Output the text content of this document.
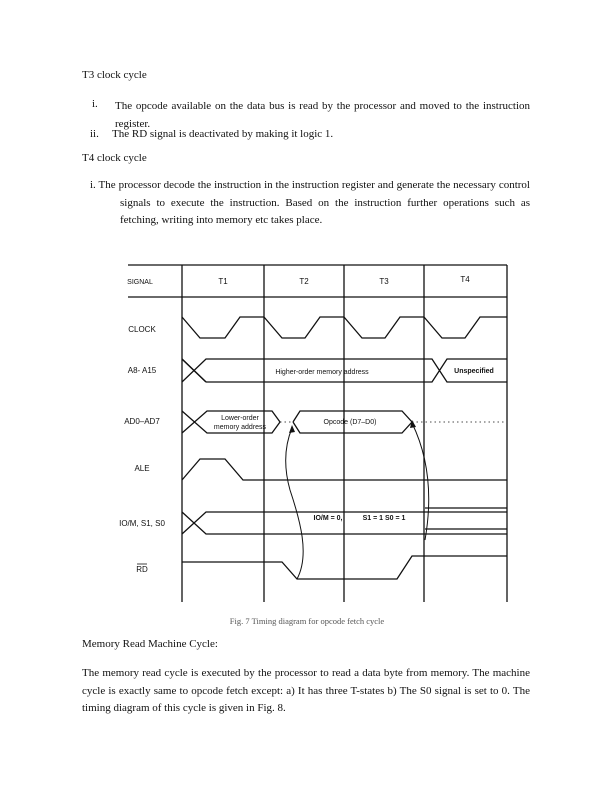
T3 clock cycle
i. The opcode available on the data bus is read by the processor and moved to the instruction register.
ii. The RD signal is deactivated by making it logic 1.
T4 clock cycle
i. The processor decode the instruction in the instruction register and generate the necessary control signals to execute the instruction. Based on the instruction further operations such as fetching, writing into memory etc takes place.
SIGNAL	T1	T2	T3	T4
CLOCK
A8- A15
AD0–AD7
ALE
IO/M, S1, S0
RD
Higher-order memory address	Unspecified
Lower-order
memory address
Opcode (D7–D0)
IO/M = 0,	S1 = 1 S0 = 1
Fig. 7 Timing diagram for opcode fetch cycle
Memory Read Machine Cycle:
The memory read cycle is executed by the processor to read a data byte from memory. The machine cycle is exactly same to opcode fetch except: a) It has three T-states b) The S0 signal is set to 0. The timing diagram of this cycle is given in Fig. 8.
